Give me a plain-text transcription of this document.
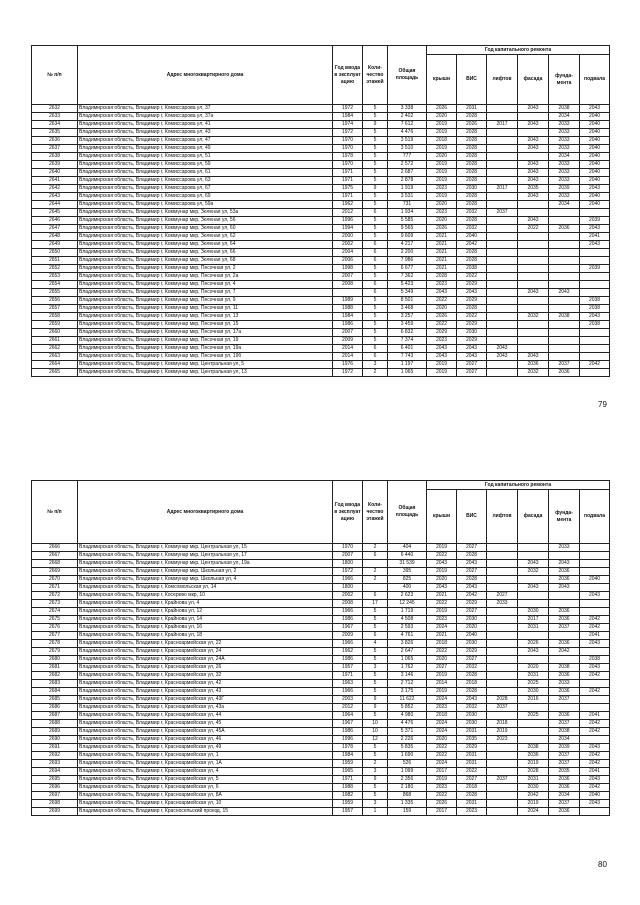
№ п/п	Адрес многоквартирного дома	Год ввода в эксплуат ацию	Коли-чество этажей	Общая площадь	Год капитального ремонта					
					крыши	ВИС	лифтов	фасада	фунда-мента	подвала
2632	Владимирская область, Владимир г, Комиссарова ул, 37	1972	5	3 338	2026	2031		2043	2038	2043
2633	Владимирская область, Владимир г, Комиссарова ул, 37а	1984	5	2 402	2020	2028			2034	2040
2634	Владимирская область, Владимир г, Комиссарова ул, 41	1974	9	7 612	2019	2026	2017	2043	2033	2040
2635	Владимирская область, Владимир г, Комиссарова ул, 43	1972	5	4 476	2019	2028			2033	2040
2636	Владимирская область, Владимир г, Комиссарова ул, 47	1970	5	3 519	2018	2028		2043	2033	2040
2637	Владимирская область, Владимир г, Комиссарова ул, 49	1970	5	3 510	2019	2028		2043	2033	2040
2638	Владимирская область, Владимир г, Комиссарова ул, 51	1978	5	777	2020	2028			2034	2040
2639	Владимирская область, Владимир г, Комиссарова ул, 59	1970	5	2 572	2019	2028		2043	2033	2040
2640	Владимирская область, Владимир г, Комиссарова ул, 61	1971	5	2 687	2019	2028		2043	2033	2040
2641	Владимирская область, Владимир г, Комиссарова ул, 63	1971	5	2 878	2019	2028		2043	2033	2040
2642	Владимирская область, Владимир г, Комиссарова ул, 67	1975	9	1 919	2023	2030	2017	2035	2039	2043
2643	Владимирская область, Владимир г, Комиссарова ул, 69	1971	5	3 531	2019	2028		2043	2033	2040
2644	Владимирская область, Владимир г, Комиссарова ул, 59а	1962	5	731	2020	2028			2034	2040
2645	Владимирская область, Владимир г, Коммунар мкр, Зеленая ул, 53а	2012	6	1 934	2023	2032	2037			
2646	Владимирская область, Владимир г, Коммунар мкр, Зеленая ул, 56	1996	5	5 585	2020	2028		2043		2039
2647	Владимирская область, Владимир г, Коммунар мкр, Зеленая ул, 60	1994	5	9 565	2026	2032		2022	2036	2043
2648	Владимирская область, Владимир г, Коммунар мкр, Зеленая ул, 62	2000	5	9 609	2021	2040				2041
2649	Владимирская область, Владимир г, Коммунар мкр, Зеленая ул, 64	2002	6	4 217	2021	2042				2043
2650	Владимирская область, Владимир г, Коммунар мкр, Зеленая ул, 66	2004	6	2 200	2021	2028				
2651	Владимирская область, Владимир г, Коммунар мкр, Зеленая ул, 68	2006	6	7 986	2021	2028				
2652	Владимирская область, Владимир г, Коммунар мкр, Песочная ул, 2	1998	5	6 677	2021	2038				2039
2653	Владимирская область, Владимир г, Коммунар мкр, Песочная ул, 2а	2007	5	7 362	2028	2022				
2654	Владимирская область, Владимир г, Коммунар мкр, Песочная ул, 4	2008	6	5 423	2023	2029				
2655	Владимирская область, Владимир г, Коммунар мкр, Песочная ул, 7		6	5 349	2043	2043		2043	2043	
2656	Владимирская область, Владимир г, Коммунар мкр, Песочная ул, 9	1989	5	8 501	2022	2029				2038
2657	Владимирская область, Владимир г, Коммунар мкр, Песочная ул, 11	1988	5	3 468	2020	2028				2038
2658	Владимирская область, Владимир г, Коммунар мкр, Песочная ул, 13	1984	5	3 257	2026	2022		2032	2038	2043
2659	Владимирская область, Владимир г, Коммунар мкр, Песочная ул, 15	1986	5	3 459	2022	2029				2038
2660	Владимирская область, Владимир г, Коммунар мкр, Песочная ул, 17а	2007	5	6 832	2029	2030				
2661	Владимирская область, Владимир г, Коммунар мкр, Песочная ул, 19	2009	5	7 374	2023	2029				
2662	Владимирская область, Владимир г, Коммунар мкр, Песочная ул, 19а	2014	6	6 401	2043	2043	2043			
2663	Владимирская область, Владимир г, Коммунар мкр, Песочная ул, 19б	2014	6	7 743	2043	2043	2043	2043		
2664	Владимирская область, Владимир г, Коммунар мкр, Центральная ул, 5	1976	3	1 197	2019	2027		2036	2037	2042
2665	Владимирская область, Владимир г, Коммунар мкр, Центральная ул, 13	1972	2	1 065	2019	2027		2032	2036	
79
№ п/п	Адрес многоквартирного дома	Год ввода в эксплуат ацию	Коли-чество этажей	Общая площадь	Год капитального ремонта					
					крыши	ВИС	лифтов	фасада	фунда-мента	подвала
2666	Владимирская область, Владимир г, Коммунар мкр, Центральная ул, 15	1970	2	404	2019	2027			2033	
2667	Владимирская область, Владимир г, Коммунар мкр, Центральная ул, 17	2007	6	6 440	2022	2028				
2668	Владимирская область, Владимир г, Коммунар мкр, Центральная ул, 19а	1800		31 539	2043	2043		2043	2043	
2669	Владимирская область, Владимир г, Коммунар мкр, Школьная ул, 2	1972	2	395	2019	2027		2032	2036	
2670	Владимирская область, Владимир г, Коммунар мкр, Школьная ул, 4	1966	2	825	2020	2028			2036	2040
2671	Владимирская область, Владимир г, Комсомольская ул, 14	1800		400	2043	2043		2043	2043	
2672	Владимирская область, Владимир г, Косерево мкр, 10	2002	6	2 623	2021	2042	2027			2043
2673	Владимирская область, Владимир г, Крайнова ул, 4	2008	17	12 245	2022	2029	2033			
2674	Владимирская область, Владимир г, Крайнова ул, 12	1966	5	1 719	2019	2027		2030	2036	
2675	Владимирская область, Владимир г, Крайнова ул, 14	1986	5	4 508	2023	2030		2017	2036	2042
2676	Владимирская область, Владимир г, Крайнова ул, 16	1967	5	2 593	2024	2020		2031	2037	2042
2677	Владимирская область, Владимир г, Крайнова ул, 18	2009	6	4 761	2021	2040				2041
2678	Владимирская область, Владимир г, Красноармейская ул, 22	1966	4	3 826	2018	2030		2026	2036	2043
2679	Владимирская область, Владимир г, Красноармейская ул, 24	1962	5	2 647	2022	2029		2043	2042	
2680	Владимирская область, Владимир г, Красноармейская ул, 24А	1986	5	1 065	2020	2027				2038
2681	Владимирская область, Владимир г, Красноармейская ул, 26	1957	3	1 762	2027	2032		2020	2038	2043
2682	Владимирская область, Владимир г, Красноармейская ул, 32	1971	5	3 146	2019	2028		2031	2036	2042
2683	Владимирская область, Владимир г, Красноармейская ул, 42	1963	5	2 712	2014	2018		2025	2033	
2684	Владимирская область, Владимир г, Красноармейская ул, 43	1966	5	3 175	2019	2028		2030	2036	2042
2685	Владимирская область, Владимир г, Красноармейская ул, 43Г	2003	9	11 622	2024	2043	2028	2016	2037	
2686	Владимирская область, Владимир г, Красноармейская ул, 43а	2012	9	5 852	2023	2032	2037			
2687	Владимирская область, Владимир г, Красноармейская ул, 44	1964	5	4 980	2018	2030		2025	2036	2041
2688	Владимирская область, Владимир г, Красноармейская ул, 45	1967	10	4 476	2024	2030	2018		2037	2042
2689	Владимирская область, Владимир г, Красноармейская ул, 45А	1986	10	5 371	2024	2031	2019		2038	2042
2690	Владимирская область, Владимир г, Красноармейская ул, 46	1996	12	2 226	2020	2035	2023		2034	
2691	Владимирская область, Владимир г, Красноармейская ул, 49	1978	5	5 835	2022	2029		2038	2039	2043
2692	Владимирская область, Владимир г, Красноармейская ул, 1	1984	5	1 690	2022	2031		2036	2037	2042
2693	Владимирская область, Владимир г, Красноармейская ул, 1А	1959	2	526	2024	2031		2019	2037	2042
2694	Владимирская область, Владимир г, Красноармейская ул, 4	1965	3	1 099	2017	2022		2028	2035	2041
2695	Владимирская область, Владимир г, Красноармейская ул, 5	1971	9	2 356	2019	2027	2037	2031	2036	2043
2696	Владимирская область, Владимир г, Красноармейская ул, 6	1988	5	2 180	2023	2018		2030	2036	2042
2697	Владимирская область, Владимир г, Красноармейская ул, 8А	1982	5	868	2022	2028		2042	2034	2040
2698	Владимирская область, Владимир г, Красноармейская ул, 10	1959	3	1 335	2026	2031		2019	2037	2043
2699	Владимирская область, Владимир г, Красносельский проезд, 15	1957	1	159	2017	2023		2024	2036	
80
